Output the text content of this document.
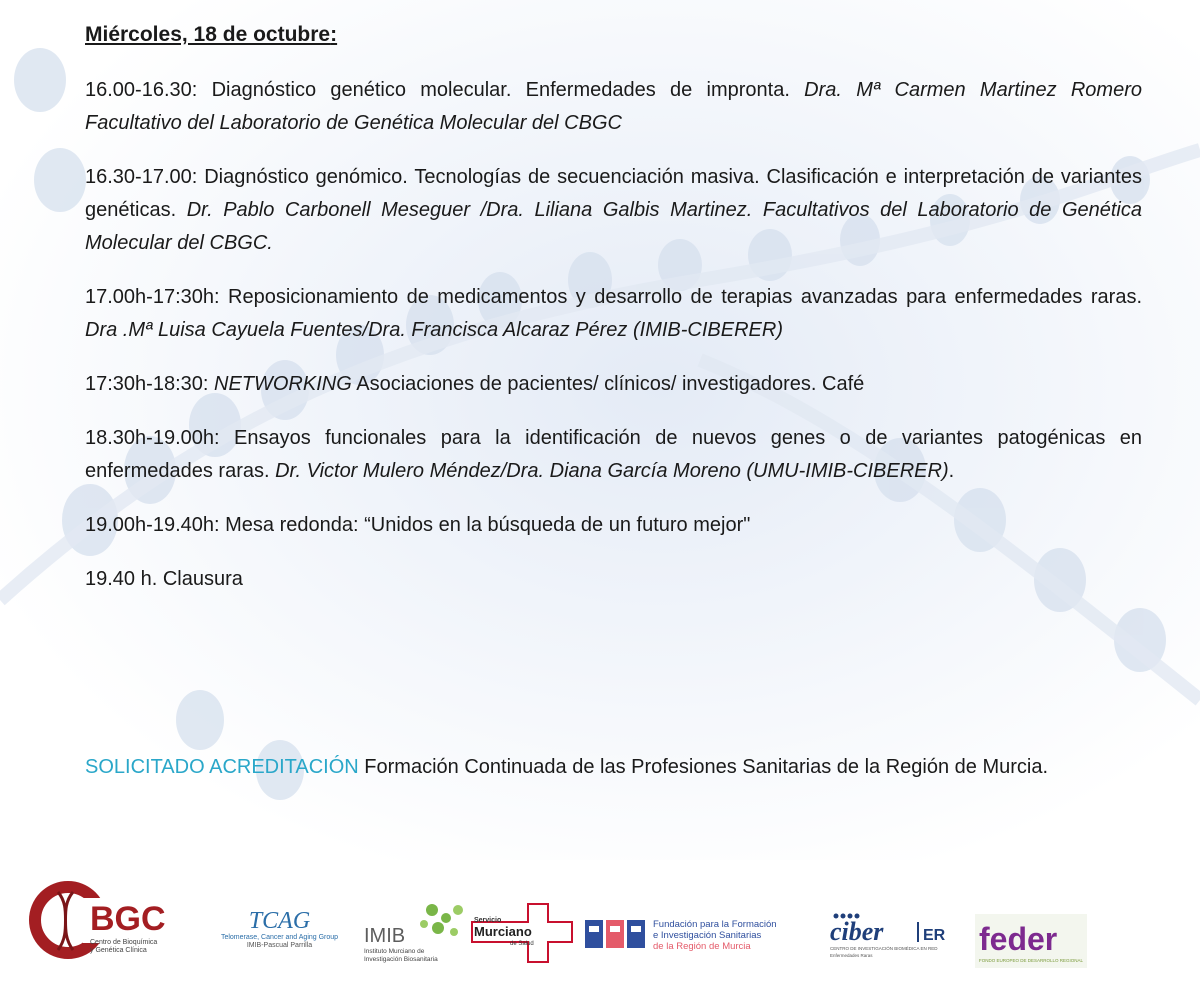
Miércoles, 18 de octubre:
16.00-16.30: Diagnóstico genético molecular. Enfermedades de impronta. Dra. Mª Carmen Martinez Romero Facultativo del Laboratorio de Genética Molecular del CBGC
16.30-17.00: Diagnóstico genómico. Tecnologías de secuenciación masiva. Clasificación e interpretación de variantes genéticas. Dr. Pablo Carbonell Meseguer /Dra. Liliana Galbis Martinez. Facultativos del Laboratorio de Genética Molecular del CBGC.
17.00h-17:30h: Reposicionamiento de medicamentos y desarrollo de terapias avanzadas para enfermedades raras. Dra .Mª Luisa Cayuela Fuentes/Dra. Francisca Alcaraz Pérez (IMIB-CIBERER)
17:30h-18:30: NETWORKING Asociaciones de pacientes/ clínicos/ investigadores. Café
18.30h-19.00h: Ensayos funcionales para la identificación de nuevos genes o de variantes patogénicas en enfermedades raras. Dr. Victor Mulero Méndez/Dra. Diana García Moreno (UMU-IMIB-CIBERER).
19.00h-19.40h: Mesa redonda: “Unidos en la búsqueda de un futuro mejor"
19.40 h. Clausura
SOLICITADO ACREDITACIÓN Formación Continuada de las Profesiones Sanitarias de la Región de Murcia.
BGC
Centro de Bioquímica
y Genética Clínica
TCAG
Telomerase, Cancer and Aging Group
IMIB-Pascual Parrilla	IMIB
Instituto Murciano de
Investigación Biosanitaria
Servicio
Murciano
de Salud
Fundación para la Formación
e Investigación Sanitarias
de la Región de Murcia
ciber ER
CENTRO DE INVESTIGACIÓN BIOMÉDICA EN RED
Enfermedades Raras	feder
FONDO EUROPEO DE DESARROLLO REGIONAL
